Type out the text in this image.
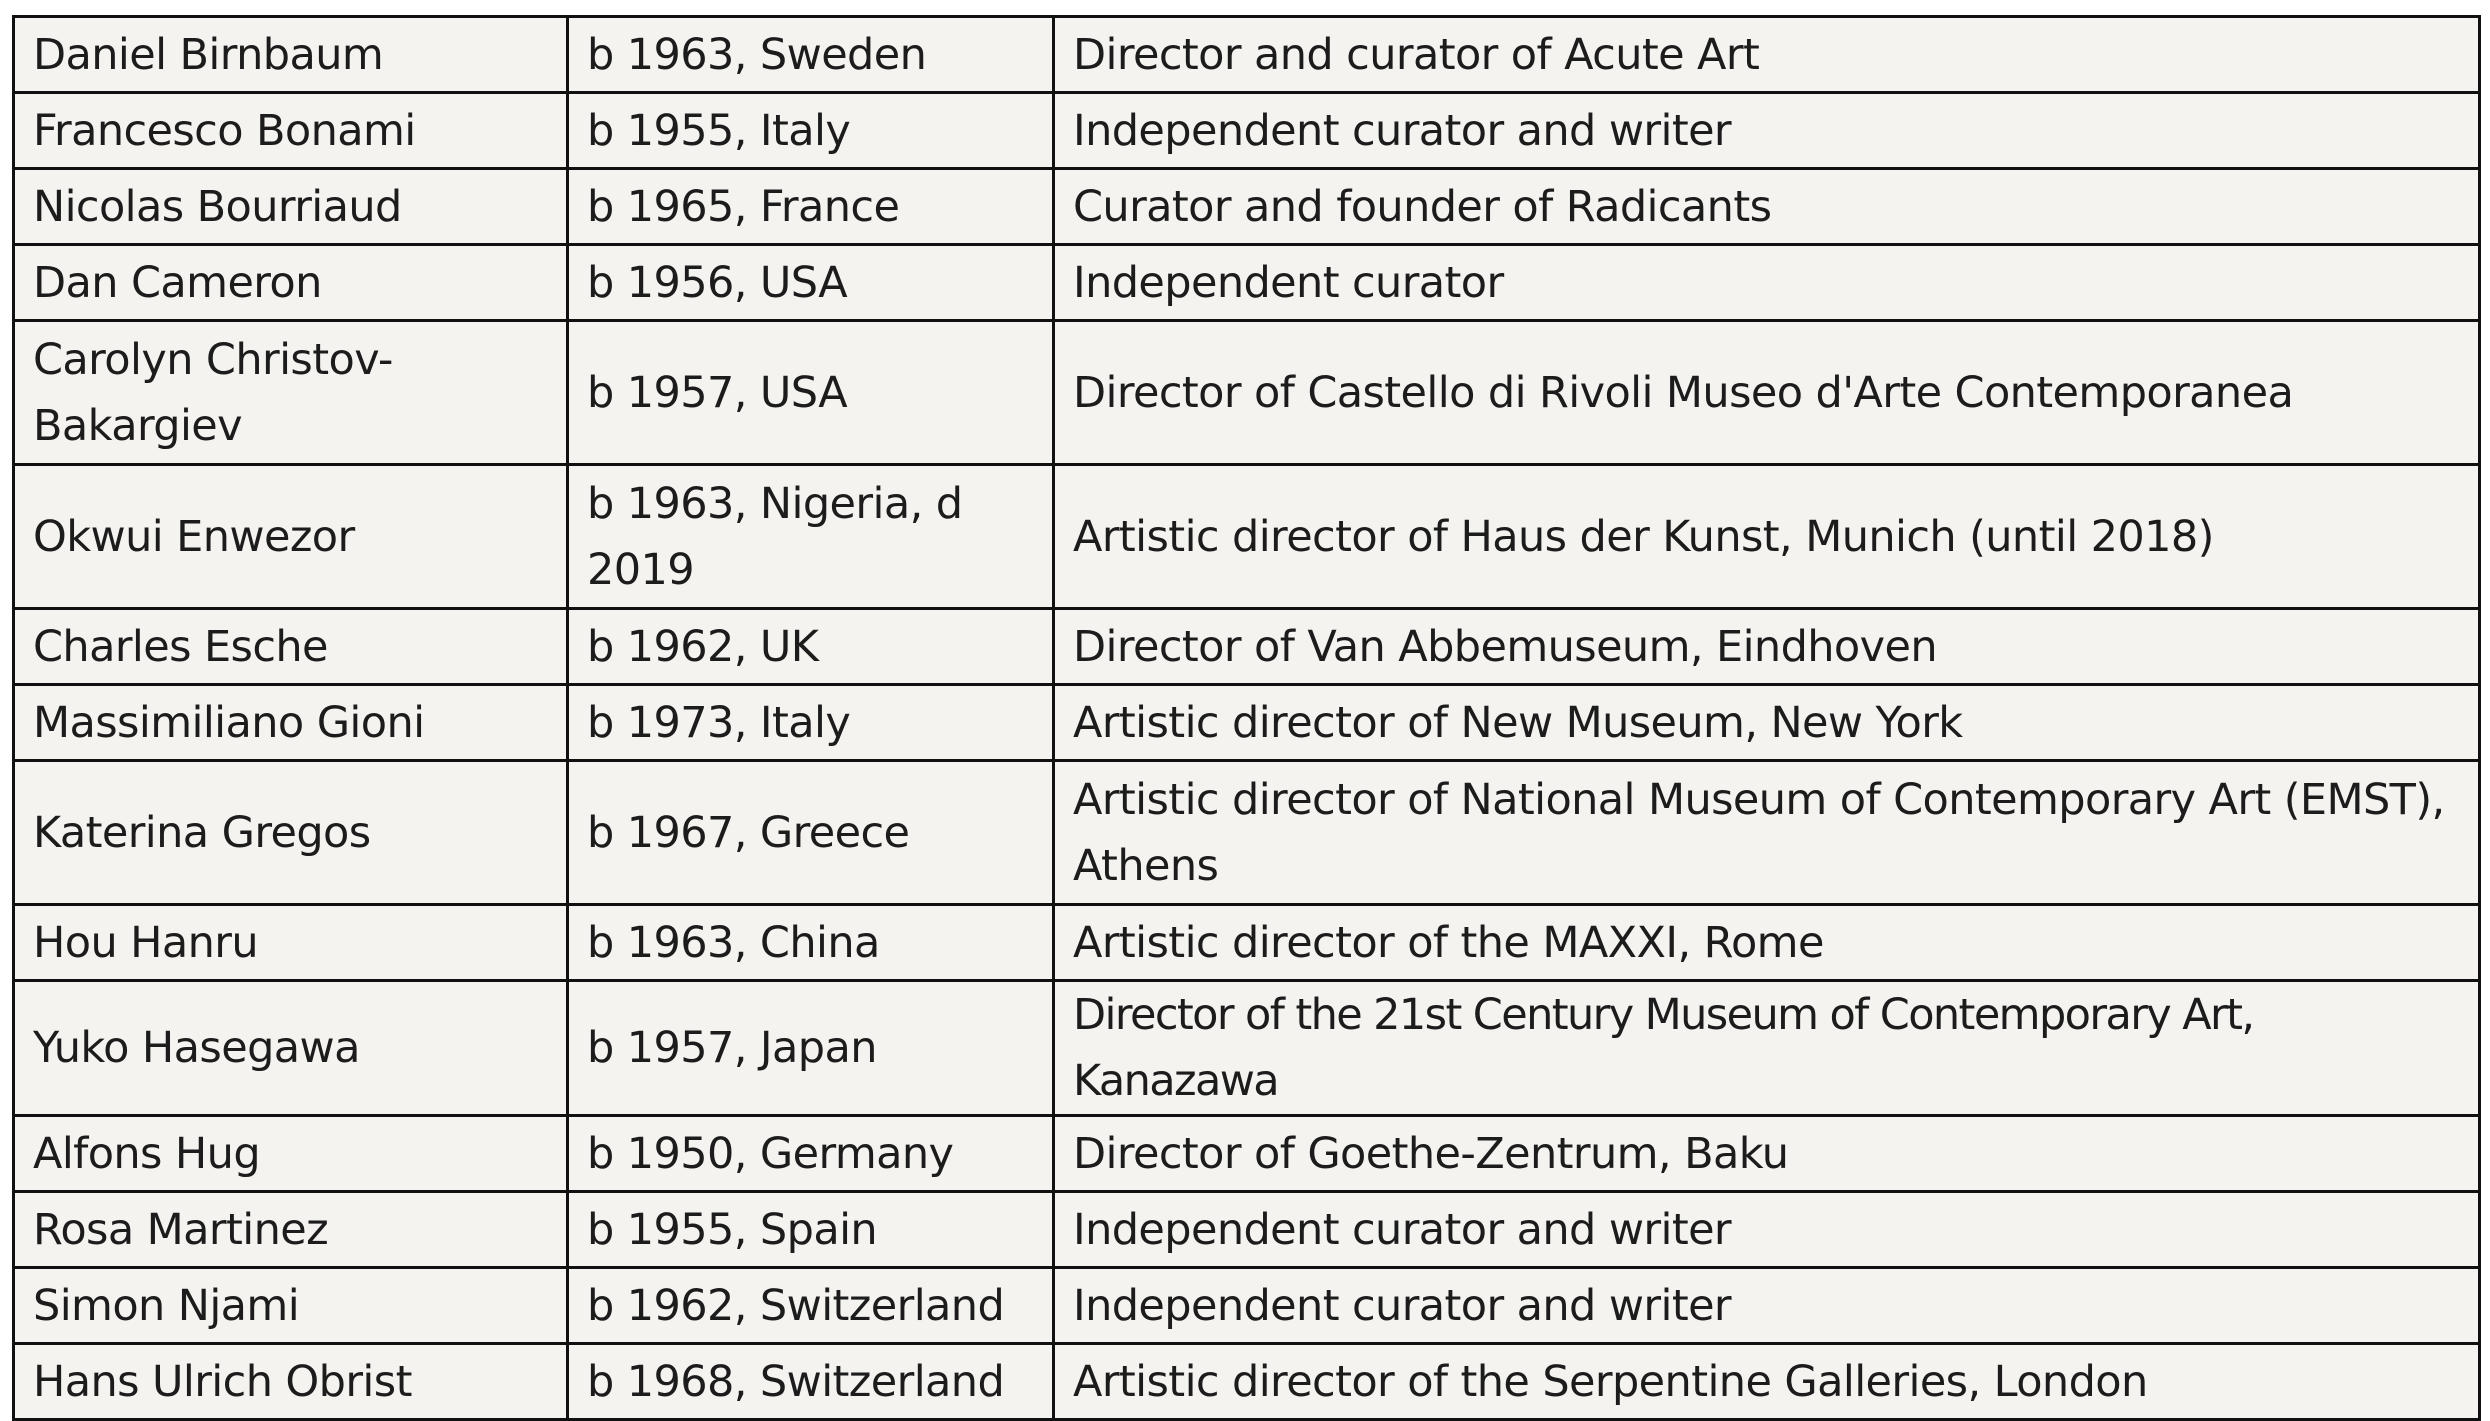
Daniel Birnbaum	b 1963, Sweden	Director and curator of Acute Art
Francesco Bonami	b 1955, Italy	Independent curator and writer
Nicolas Bourriaud	b 1965, France	Curator and founder of Radicants
Dan Cameron	b 1956, USA	Independent curator
Carolyn Christov-Bakargiev	b 1957, USA	Director of Castello di Rivoli Museo d'Arte Contemporanea
Okwui Enwezor	b 1963, Nigeria, d 2019	Artistic director of Haus der Kunst, Munich (until 2018)
Charles Esche	b 1962, UK	Director of Van Abbemuseum, Eindhoven
Massimiliano Gioni	b 1973, Italy	Artistic director of New Museum, New York
Katerina Gregos	b 1967, Greece	Artistic director of National Museum of Contemporary Art (EMST), Athens
Hou Hanru	b 1963, China	Artistic director of the MAXXI, Rome
Yuko Hasegawa	b 1957, Japan	Director of the 21st Century Museum of Contemporary Art, Kanazawa
Alfons Hug	b 1950, Germany	Director of Goethe-Zentrum, Baku
Rosa Martinez	b 1955, Spain	Independent curator and writer
Simon Njami	b 1962, Switzerland	Independent curator and writer
Hans Ulrich Obrist	b 1968, Switzerland	Artistic director of the Serpentine Galleries, London
